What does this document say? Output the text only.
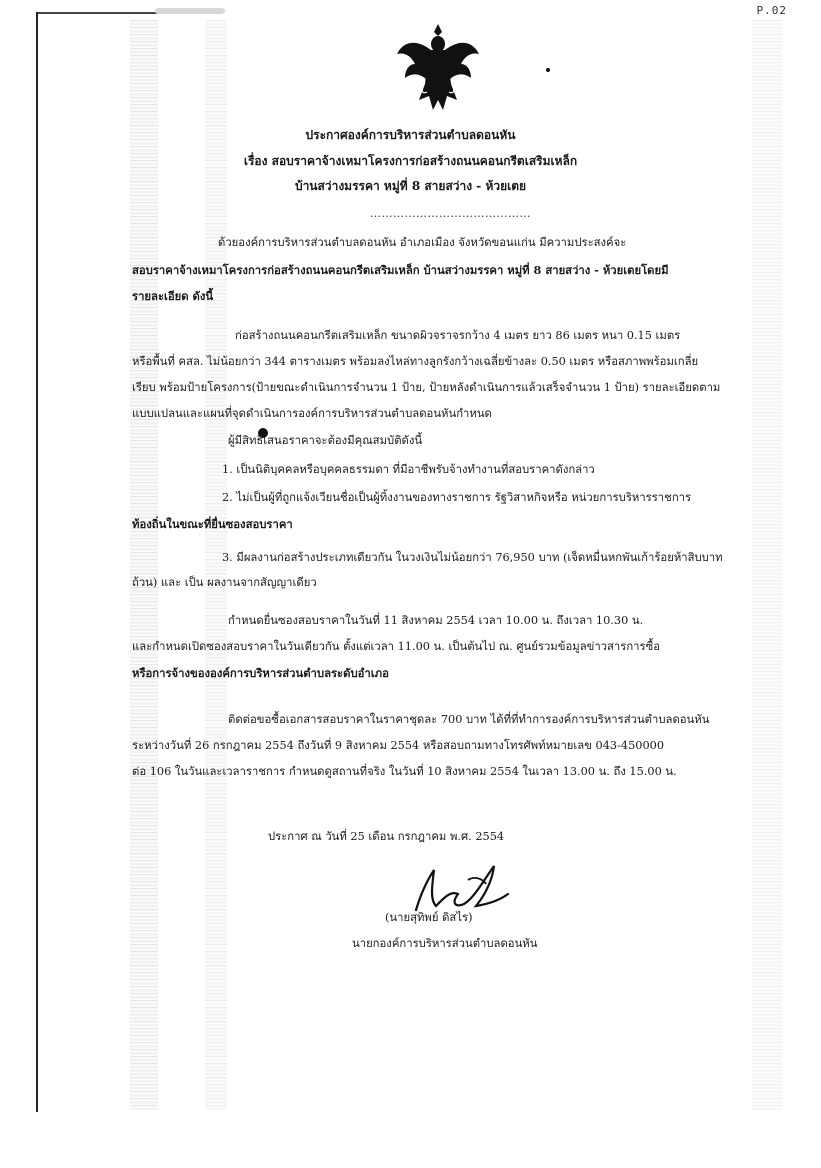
P.02
ประกาศองค์การบริหารส่วนตำบลดอนหัน
เรื่อง สอบราคาจ้างเหมาโครงการก่อสร้างถนนคอนกรีตเสริมเหล็ก
บ้านสว่างมรรคา หมู่ที่ 8 สายสว่าง - ห้วยเตย
……………………………………
ด้วยองค์การบริหารส่วนตำบลดอนหัน อำเภอเมือง จังหวัดขอนแก่น มีความประสงค์จะ
สอบราคาจ้างเหมาโครงการก่อสร้างถนนคอนกรีตเสริมเหล็ก บ้านสว่างมรรคา หมู่ที่ 8 สายสว่าง - ห้วยเตยโดยมี
รายละเอียด ดังนี้
ก่อสร้างถนนคอนกรีตเสริมเหล็ก ขนาดผิวจราจรกว้าง 4 เมตร ยาว 86 เมตร หนา 0.15 เมตร
หรือพื้นที่ คสล. ไม่น้อยกว่า 344 ตารางเมตร พร้อมลงไหล่ทางลูกรังกว้างเฉลี่ยข้างละ 0.50 เมตร หรือสภาพพร้อมเกลี่ย
เรียบ พร้อมป้ายโครงการ(ป้ายขณะดำเนินการจำนวน 1 ป้าย, ป้ายหลังดำเนินการแล้วเสร็จจำนวน 1 ป้าย) รายละเอียดตาม
แบบแปลนและแผนที่จุดดำเนินการองค์การบริหารส่วนตำบลดอนหันกำหนด
ผู้มีสิทธิเสนอราคาจะต้องมีคุณสมบัติดังนี้
1. เป็นนิติบุคคลหรือบุคคลธรรมดา ที่มีอาชีพรับจ้างทำงานที่สอบราคาดังกล่าว
2. ไม่เป็นผู้ที่ถูกแจ้งเวียนชื่อเป็นผู้ทิ้งงานของทางราชการ รัฐวิสาหกิจหรือ หน่วยการบริหารราชการ
ท้องถิ่นในขณะที่ยื่นซองสอบราคา
3. มีผลงานก่อสร้างประเภทเดียวกัน ในวงเงินไม่น้อยกว่า 76,950 บาท (เจ็ดหมื่นหกพันเก้าร้อยห้าสิบบาท
ถ้วน) และ เป็น ผลงานจากสัญญาเดียว
กำหนดยื่นซองสอบราคาในวันที่ 11 สิงหาคม 2554 เวลา 10.00 น. ถึงเวลา 10.30 น.
และกำหนดเปิดซองสอบราคาในวันเดียวกัน ตั้งแต่เวลา 11.00 น. เป็นต้นไป ณ. ศูนย์รวมข้อมูลข่าวสารการซื้อ
หรือการจ้างขององค์การบริหารส่วนตำบลระดับอำเภอ
ติดต่อขอซื้อเอกสารสอบราคาในราคาชุดละ 700 บาท ได้ที่ที่ทำการองค์การบริหารส่วนตำบลดอนหัน
ระหว่างวันที่ 26 กรกฎาคม 2554 ถึงวันที่ 9 สิงหาคม 2554 หรือสอบถามทางโทรศัพท์หมายเลข 043-450000
ต่อ 106 ในวันและเวลาราชการ กำหนดดูสถานที่จริง ในวันที่ 10 สิงหาคม 2554 ในเวลา 13.00 น. ถึง 15.00 น.
ประกาศ ณ วันที่ 25 เดือน กรกฎาคม พ.ศ. 2554
(นายสุทิพย์ ดิสไร)
นายกองค์การบริหารส่วนตำบลดอนหัน
